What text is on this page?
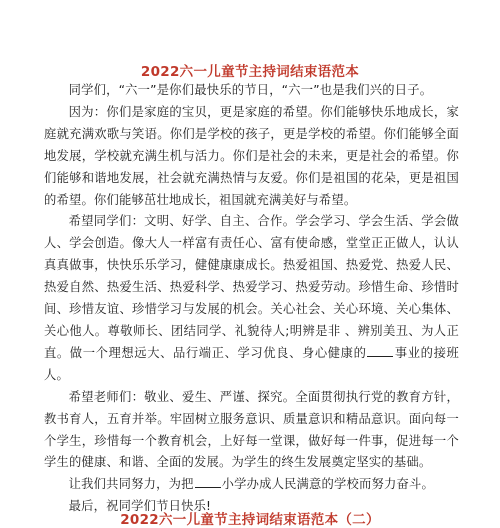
2022六一儿童节主持词结束语范本

同学们，“六一”是你们最快乐的节日，“六一”也是我们兴的日子。

因为：你们是家庭的宝贝，更是家庭的希望。你们能够快乐地成长，家庭就充满欢歌与笑语。你们是学校的孩子，更是学校的希望。你们能够全面地发展，学校就充满生机与活力。你们是社会的未来，更是社会的希望。你们能够和谐地发展，社会就充满热情与友爱。你们是祖国的花朵，更是祖国的希望。你们能够茁壮地成长，祖国就充满美好与希望。

希望同学们：文明、好学、自主、合作。学会学习、学会生活、学会做人、学会创造。像大人一样富有责任心、富有使命感，堂堂正正做人，认认真真做事，快快乐乐学习，健健康康成长。热爱祖国、热爱党、热爱人民、热爱自然、热爱生活、热爱科学、热爱学习、热爱劳动。珍惜生命、珍惜时间、珍惜友谊、珍惜学习与发展的机会。关心社会、关心环境、关心集体、关心他人。尊敬师长、团结同学、礼貌待人;明辨是非 、辨别美丑、为人正直。做一个理想远大、品行端正、学习优良、身心健康的 事业的接班人。

希望老师们：敬业、爱生、严谨、探究。全面贯彻执行党的教育方针，教书育人，五育并举。牢固树立服务意识、质量意识和精品意识。面向每一个学生，珍惜每一个教育机会，上好每一堂课，做好每一件事，促进每一个学生的健康、和谐、全面的发展。为学生的终生发展奠定坚实的基础。

让我们共同努力，为把 小学办成人民满意的学校而努力奋斗。

最后，祝同学们节日快乐!

2022六一儿童节主持词结束语范本（二）
